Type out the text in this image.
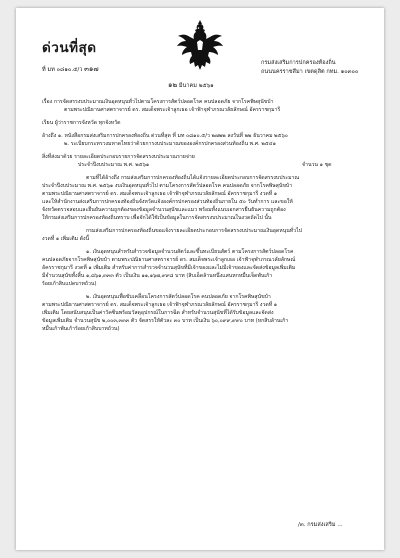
ด่วนที่สุด
ที่ มท ๐๘๑๐.๕/ว ๓๑๗
กรมส่งเสริมการปกครองท้องถิ่น
ถนนนครราชสีมา เขตดุสิต กทม. ๑๐๓๐๐
๑๒ มีนาคม ๒๕๖๑
เรื่อง การจัดสรรงบประมาณเงินอุดหนุนทั่วไปตามโครงการสัตว์ปลอดโรค คนปลอดภัย จากโรคพิษสุนัขบ้า
ตามพระปณิธานศาสตราจารย์ ดร. สมเด็จพระเจ้าลูกเธอ เจ้าฟ้าจุฬาภรณวลัยลักษณ์ อัครราชกุมารี
เรียน ผู้ว่าราชการจังหวัด ทุกจังหวัด
อ้างถึง ๑. หนังสือกรมส่งเสริมการปกครองท้องถิ่น ด่วนที่สุด ที่ มท ๐๘๑๐.๕/ว ๒๗๒๒ ลงวันที่ ๒๒ ธันวาคม ๒๕๖๐
๒. ระเบียบกระทรวงมหาดไทยว่าด้วยการงบประมาณขององค์กรปกครองส่วนท้องถิ่น พ.ศ. ๒๕๔๑
สิ่งที่ส่งมาด้วย รายละเอียดประกอบรายการจัดสรรงบประมาณรายจ่าย
ประจำปีงบประมาณ พ.ศ. ๒๕๖๑	จำนวน ๑ ชุด
ตามที่ได้อ้างถึง กรมส่งเสริมการปกครองท้องถิ่นได้แจ้งรายละเอียดประกอบการจัดสรรงบประมาณ
ประจำปีงบประมาณ พ.ศ. ๒๕๖๑ งบเงินอุดหนุนทั่วไป ตามโครงการสัตว์ปลอดโรค คนปลอดภัย จากโรคพิษสุนัขบ้า
ตามพระปณิธานศาสตราจารย์ ดร. สมเด็จพระเจ้าลูกเธอ เจ้าฟ้าจุฬาภรณวลัยลักษณ์ อัครราชกุมารี งวดที่ ๑
และให้สำนักงานส่งเสริมการปกครองท้องถิ่นจังหวัดแจ้งองค์กรปกครองส่วนท้องถิ่นภายใน ๕๐ วันทำการ และขอให้
จังหวัดตรวจสอบและยืนยันความถูกต้องของข้อมูลจำนวนสุนัขและแมว พร้อมทั้งแนบเอกสารยืนยันความถูกต้อง
ให้กรมส่งเสริมการปกครองท้องถิ่นทราบ เพื่อจักได้ใช้เป็นข้อมูลในการจัดสรรงบประมาณในงวดถัดไป นั้น
กรมส่งเสริมการปกครองท้องถิ่นขอแจ้งรายละเอียดประกอบการจัดสรรงบประมาณเงินอุดหนุนทั่วไป
งวดที่ ๑ เพิ่มเติม ดังนี้
๑. เงินอุดหนุนสำหรับสำรวจข้อมูลจำนวนสัตว์และขึ้นทะเบียนสัตว์ ตามโครงการสัตว์ปลอดโรค
คนปลอดภัยจากโรคพิษสุนัขบ้า ตามพระปณิธานศาสตราจารย์ ดร. สมเด็จพระเจ้าลูกเธอ เจ้าฟ้าจุฬาภรณวลัยลักษณ์
อัครราชกุมารี งวดที่ ๑ เพิ่มเติม สำหรับค่าการสำรวจจำนวนสุนัขที่มีเจ้าของและไม่มีเจ้าของและจัดส่งข้อมูลเพิ่มเติม
มีจำนวนสุนัขทั้งสิ้น ๑,๘๖๑,๓๓๓ ตัว เป็นเงิน ๑๑,๑๖๗,๙๙๘ บาท (สิบเอ็ดล้านหนึ่งแสนหกหมื่นเจ็ดพันเก้า
ร้อยเก้าสิบแปดบาทถ้วน)
๒. เงินอุดหนุนเพื่อขับเคลื่อนโครงการสัตว์ปลอดโรค คนปลอดภัย จากโรคพิษสุนัขบ้า
ตามพระปณิธานศาสตราจารย์ ดร. สมเด็จพระเจ้าลูกเธอ เจ้าฟ้าจุฬาภรณวลัยลักษณ์ อัครราชกุมารี งวดที่ ๑
เพิ่มเติม โดยสนับสนุนเป็นค่าวัคซีนพร้อมวัสดุอุปกรณ์ในการฉีด สำหรับจำนวนสุนัขที่ได้รับข้อมูลและจัดส่ง
ข้อมูลเพิ่มเติม จำนวนสุนัข ๒,๐๐๓,๓๓๓ ตัว จัดสรรให้ตัวละ ๓๐ บาท เป็นเงิน ๖๐,๐๙๙,๙๙๐ บาท (หกสิบล้านเก้า
หมื่นเก้าพันเก้าร้อยเก้าสิบบาทถ้วน)
/๓. กรมส่งเสริม ...
